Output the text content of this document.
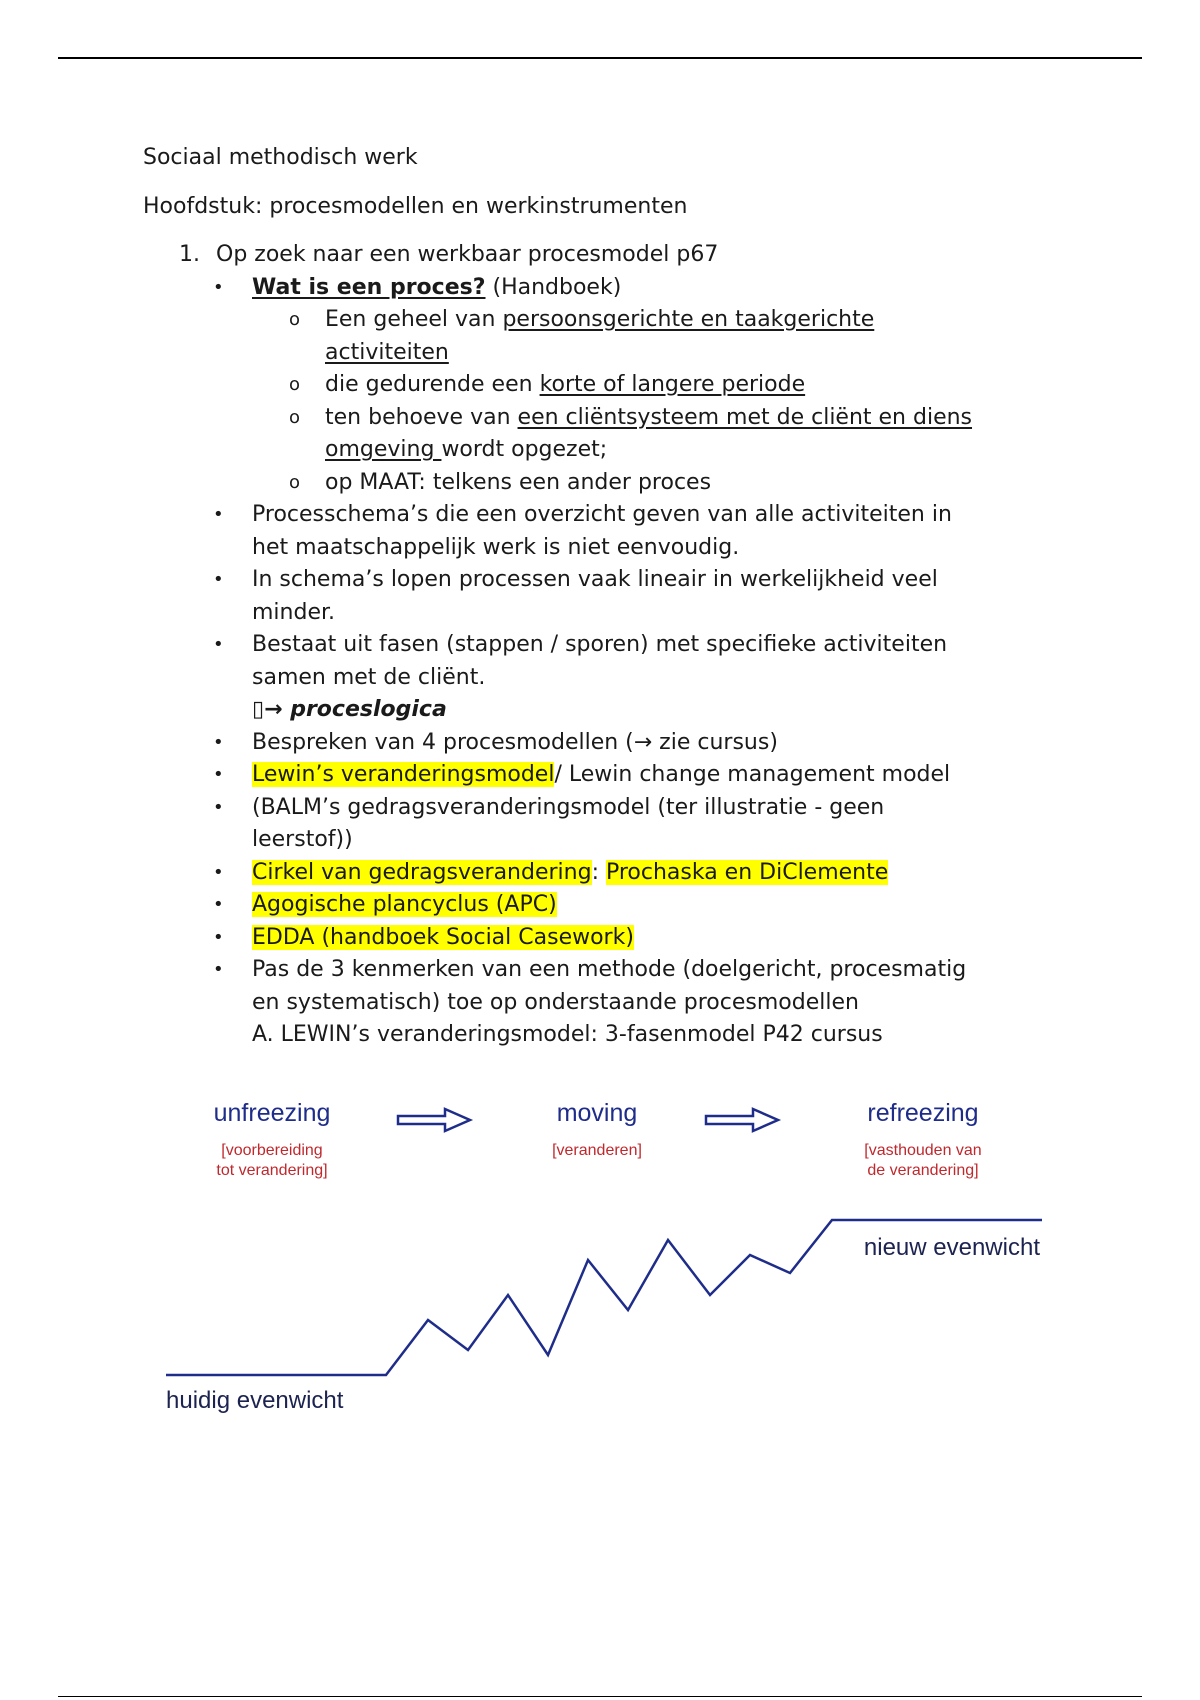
Sociaal methodisch werk
Hoofdstuk: procesmodellen en werkinstrumenten
1. Op zoek naar een werkbaar procesmodel p67
• Wat is een proces? (Handboek)
o Een geheel van persoonsgerichte en taakgerichte
activiteiten
o die gedurende een korte of langere periode
o ten behoeve van een cliëntsysteem met de cliënt en diens
omgeving wordt opgezet;
o op MAAT: telkens een ander proces
• Processchema’s die een overzicht geven van alle activiteiten in
het maatschappelijk werk is niet eenvoudig.
• In schema’s lopen processen vaak lineair in werkelijkheid veel
minder.
• Bestaat uit fasen (stappen / sporen) met specifieke activiteiten
samen met de cliënt.
▯→ proceslogica
• Bespreken van 4 procesmodellen (→ zie cursus)
• Lewin’s veranderingsmodel/ Lewin change management model
• (BALM’s gedragsveranderingsmodel (ter illustratie - geen
leerstof))
• Cirkel van gedragsverandering: Prochaska en DiClemente
• Agogische plancyclus (APC)
• EDDA (handboek Social Casework)
• Pas de 3 kenmerken van een methode (doelgericht, procesmatig
en systematisch) toe op onderstaande procesmodellen
A. LEWIN’s veranderingsmodel: 3-fasenmodel P42 cursus
unfreezing
[voorbereiding
tot verandering]
moving
[veranderen]
refreezing
[vasthouden van
de verandering]
huidig evenwicht
nieuw evenwicht
